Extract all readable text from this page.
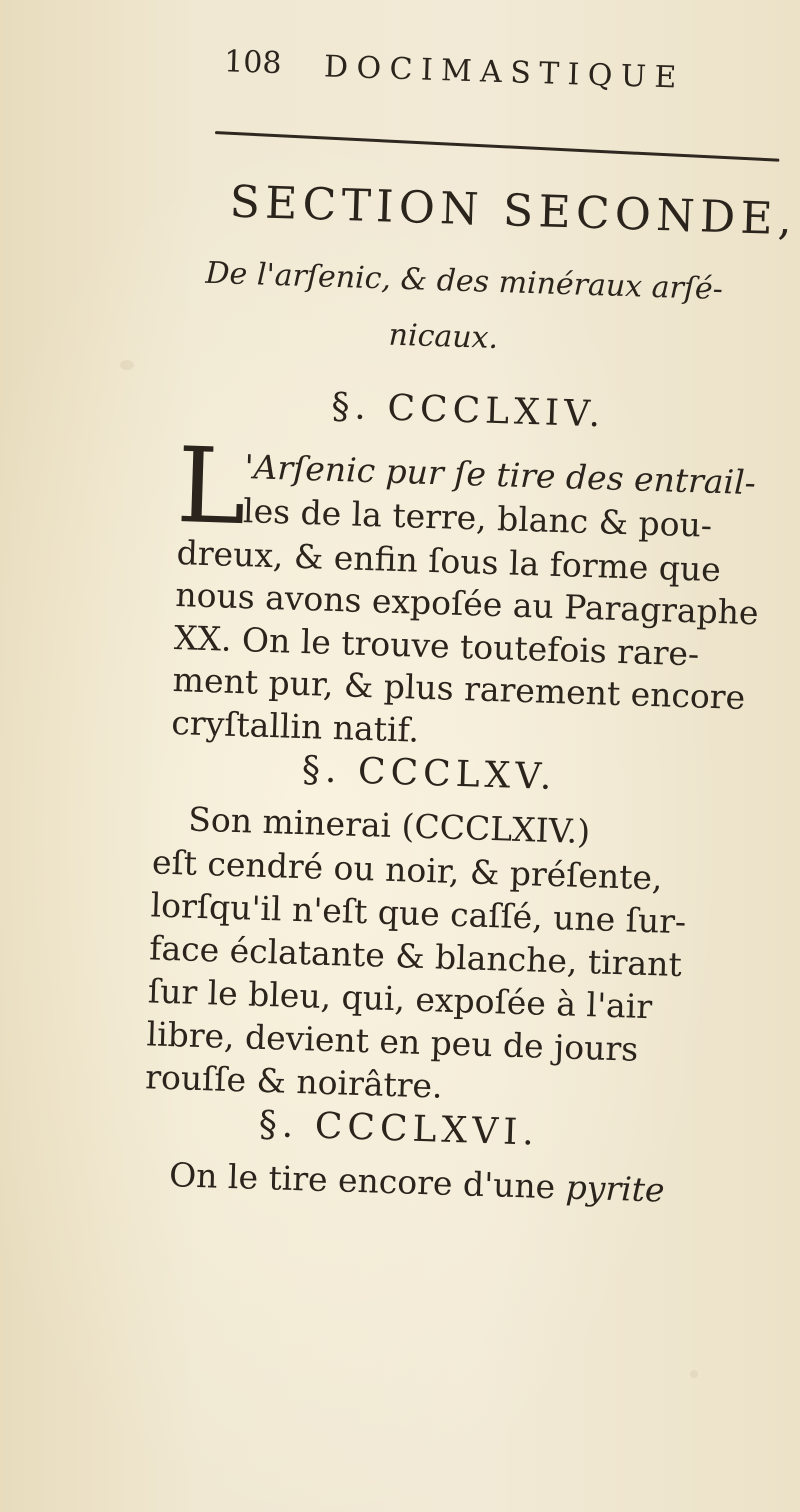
108 DOCIMASTIQUE
SECTION SECONDE,
De l'arſenic, & des minéraux arſé-
nicaux.
§. CCCLXIV.
L
'Arſenic pur ſe tire des entrail-
les de la terre, blanc & pou-
dreux, & enfin ſous la forme que
nous avons expoſée au Paragraphe
XX. On le trouve toutefois rare-
ment pur, & plus rarement encore
cryſtallin natif.
§. CCCLXV.
Son minerai (CCCLXIV.)
eſt cendré ou noir, & préſente,
lorſqu'il n'eſt que caſſé, une ſur-
face éclatante & blanche, tirant
ſur le bleu, qui, expoſée à l'air
libre, devient en peu de jours
rouſſe & noirâtre.
§. CCCLXVI.
On le tire encore d'une pyrite
